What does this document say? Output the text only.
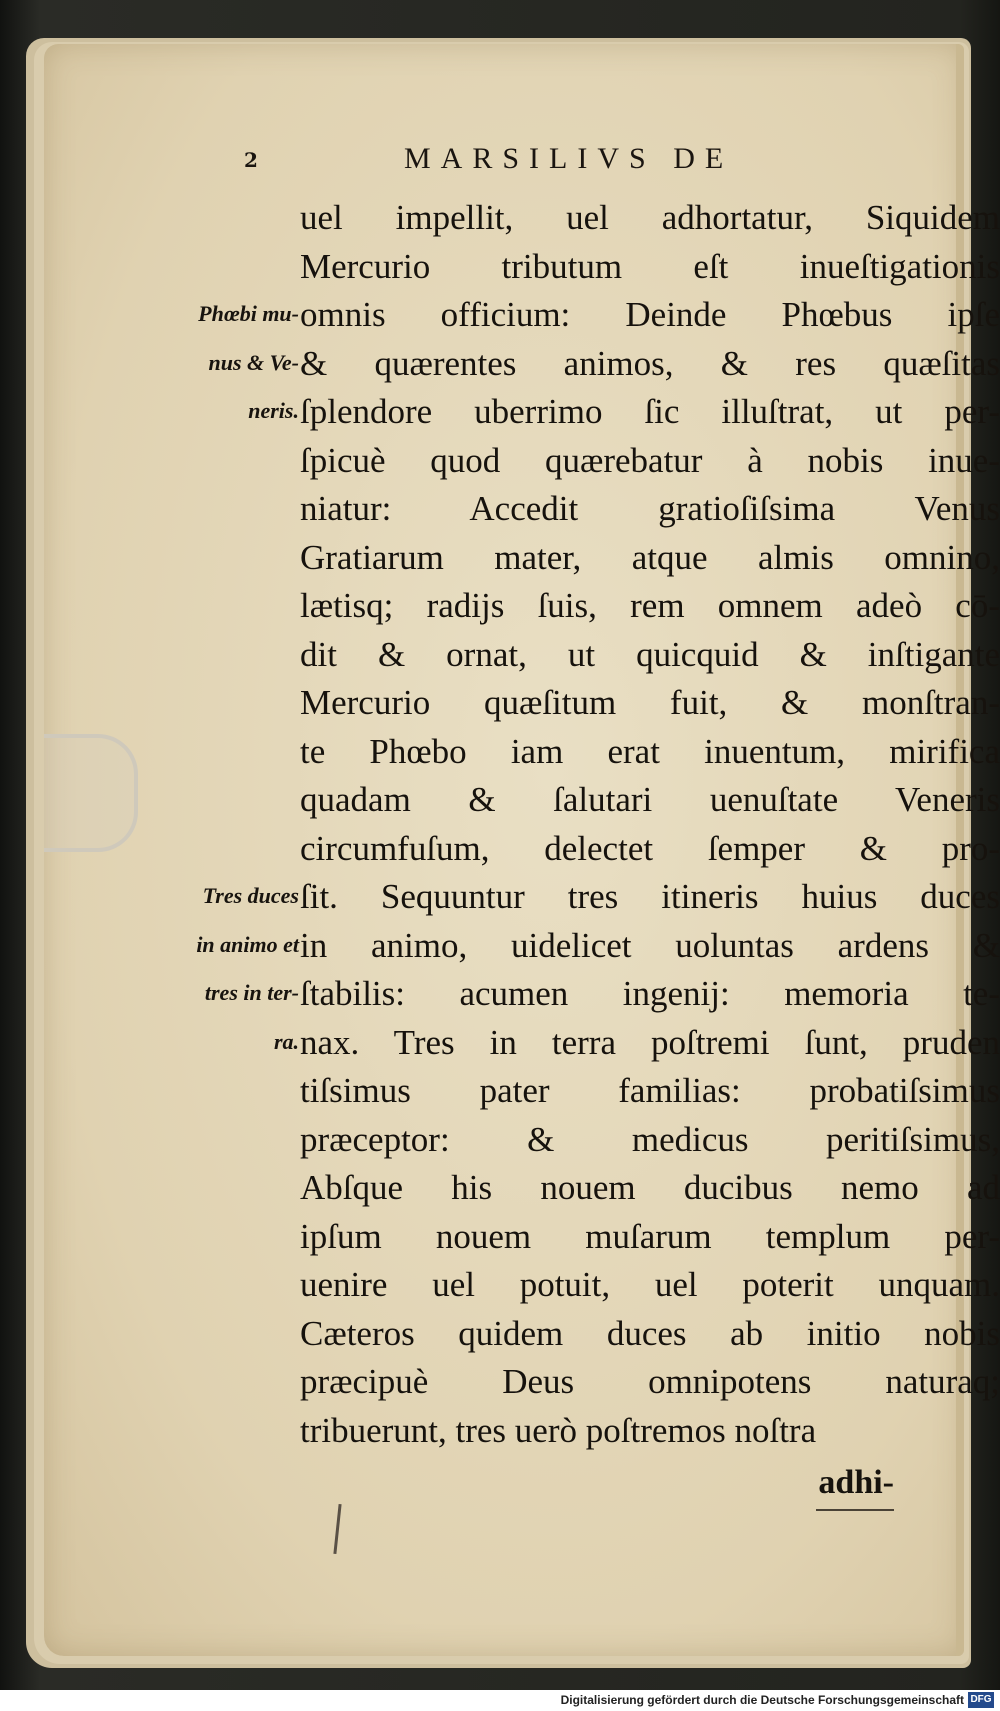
2	MARSILIVS DE
uel impellit, uel adhortatur, Siquidem
Mercurio tributum eſt inueſtigationis
omnis officium: Deinde Phœbus ipſe
& quærentes animos, & res quæſitas
ſplendore uberrimo ſic illuſtrat, ut per-
ſpicuè quod quærebatur à nobis inue-
niatur: Accedit gratioſiſsima Venus
Gratiarum mater, atque almis omnino,
lætisq; radijs ſuis, rem omnem adeò cō-
dit & ornat, ut quicquid & inſtigante
Mercurio quæſitum fuit, & monſtran-
te Phœbo iam erat inuentum, mirifica
quadam & ſalutari uenuſtate Veneris
circumfuſum, delectet ſemper & pro-
ſit. Sequuntur tres itineris huius duces
in animo, uidelicet uoluntas ardens &
ſtabilis: acumen ingenij: memoria te-
nax. Tres in terra poſtremi ſunt, pruden
tiſsimus pater familias: probatiſsimus
præceptor: & medicus peritiſsimus,
Abſque his nouem ducibus nemo ad
ipſum nouem muſarum templum per-
uenire uel potuit, uel poterit unquam.
Cæteros quidem duces ab initio nobis
præcipuè Deus omnipotens naturaq;
tribuerunt, tres uerò poſtremos noſtra
Phœbi mu-
nus & Ve-
neris.
Tres duces
in animo et
tres in ter-
ra.
adhi-
Digitalisierung gefördert durch die Deutsche Forschungsgemeinschaft DFG
